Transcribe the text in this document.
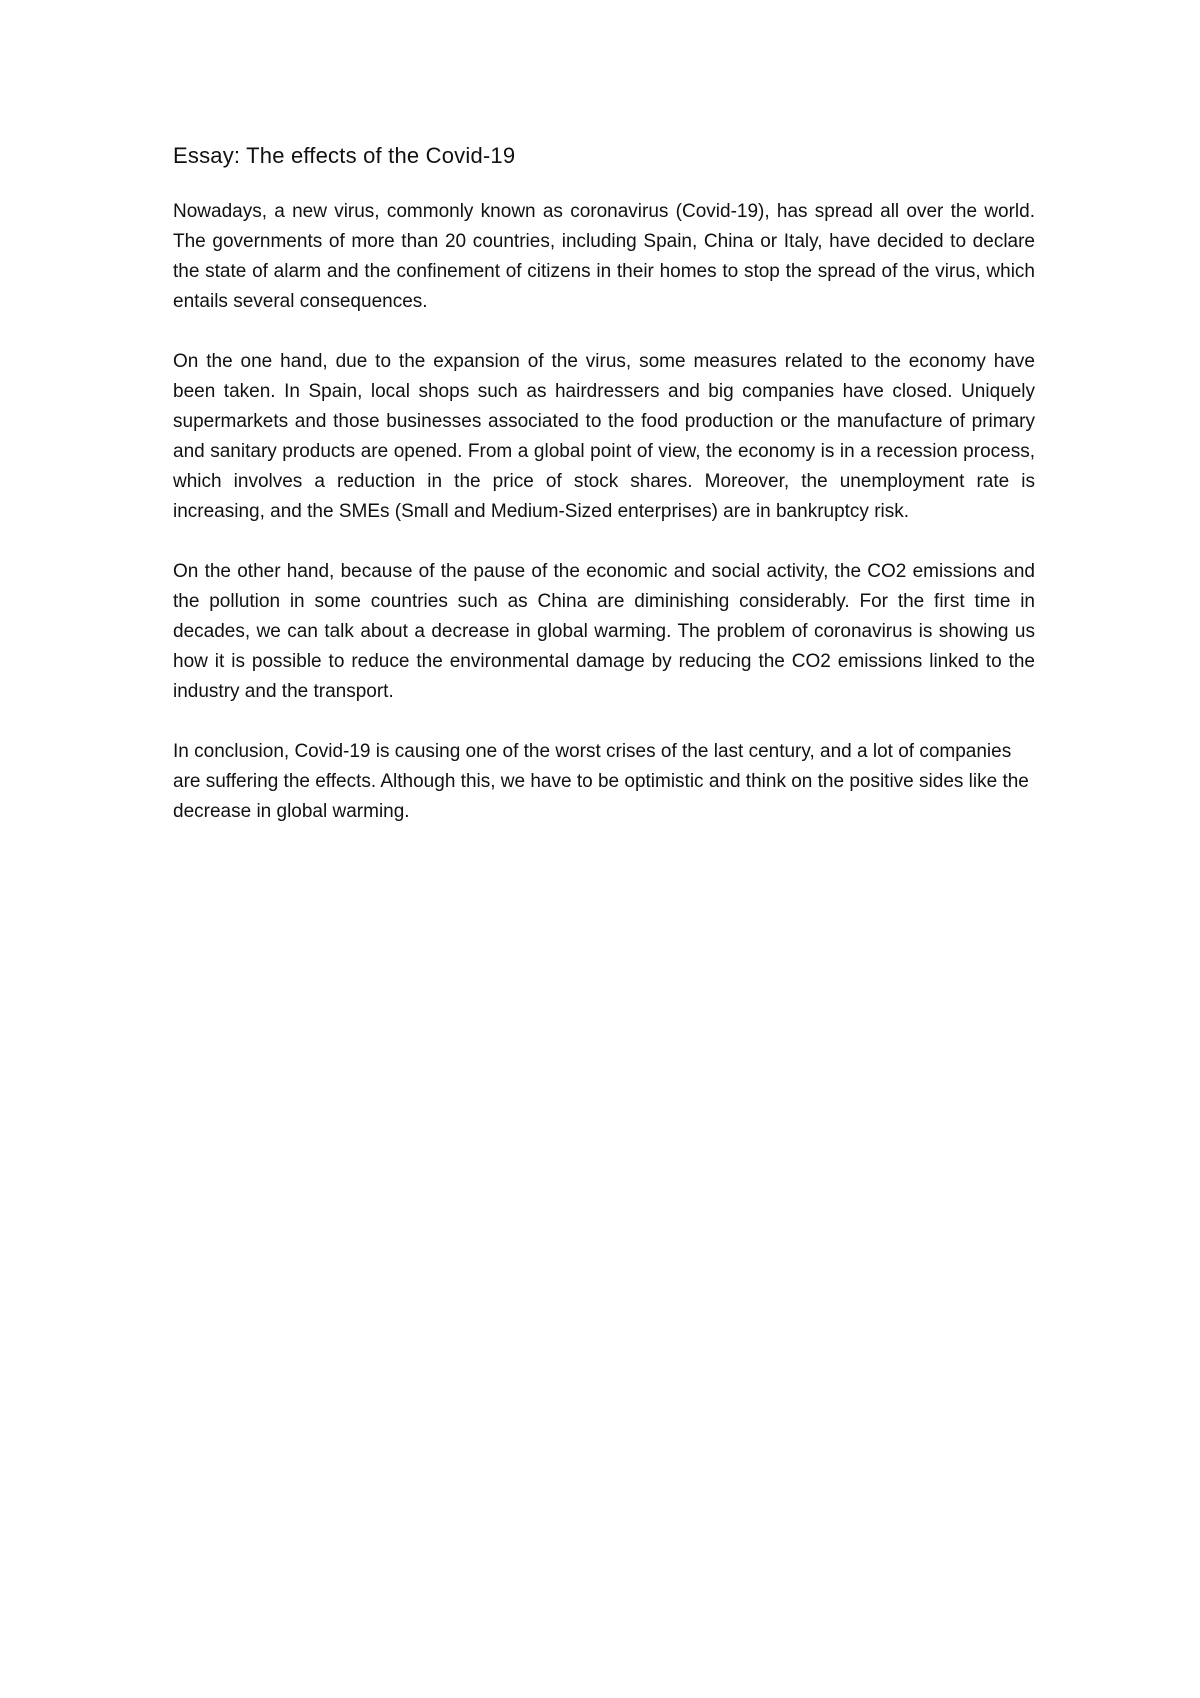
Essay: The effects of the Covid-19

Nowadays, a new virus, commonly known as coronavirus (Covid-19), has spread all over the world. The governments of more than 20 countries, including Spain, China or Italy, have decided to declare the state of alarm and the confinement of citizens in their homes to stop the spread of the virus, which entails several consequences.

On the one hand, due to the expansion of the virus, some measures related to the economy have been taken. In Spain, local shops such as hairdressers and big companies have closed. Uniquely supermarkets and those businesses associated to the food production or the manufacture of primary and sanitary products are opened. From a global point of view, the economy is in a recession process, which involves a reduction in the price of stock shares. Moreover, the unemployment rate is increasing, and the SMEs (Small and Medium-Sized enterprises) are in bankruptcy risk.

On the other hand, because of the pause of the economic and social activity, the CO2 emissions and the pollution in some countries such as China are diminishing considerably. For the first time in decades, we can talk about a decrease in global warming. The problem of coronavirus is showing us how it is possible to reduce the environmental damage by reducing the CO2 emissions linked to the industry and the transport.

In conclusion, Covid-19 is causing one of the worst crises of the last century, and a lot of companies are suffering the effects. Although this, we have to be optimistic and think on the positive sides like the decrease in global warming.
